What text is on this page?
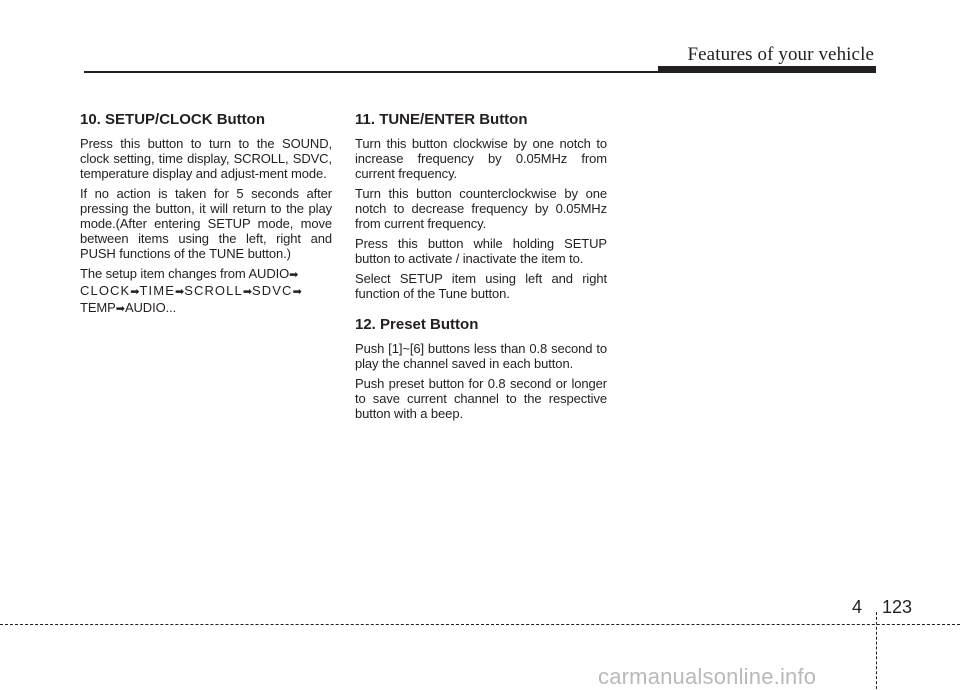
Features of your vehicle
10. SETUP/CLOCK Button

Press this button to turn to the SOUND, clock setting, time display, SCROLL, SDVC, temperature display and adjust-ment mode.

If no action is taken for 5 seconds after pressing the button, it will return to the play mode.(After entering SETUP mode, move between items using the left, right and PUSH functions of the TUNE button.)

The setup item changes from AUDIO➡
CLOCK➡TIME➡SCROLL➡SDVC➡
TEMP➡AUDIO...

11. TUNE/ENTER Button

Turn this button clockwise by one notch to increase frequency by 0.05MHz from current frequency.

Turn this button counterclockwise by one notch to decrease frequency by 0.05MHz from current frequency.

Press this button while holding SETUP button to activate / inactivate the item to.

Select SETUP item using left and right function of the Tune button.

12. Preset Button

Push [1]~[6] buttons less than 0.8 second to play the channel saved in each button.

Push preset button for 0.8 second or longer to save current channel to the respective button with a beep.

4 123
carmanualsonline.info
